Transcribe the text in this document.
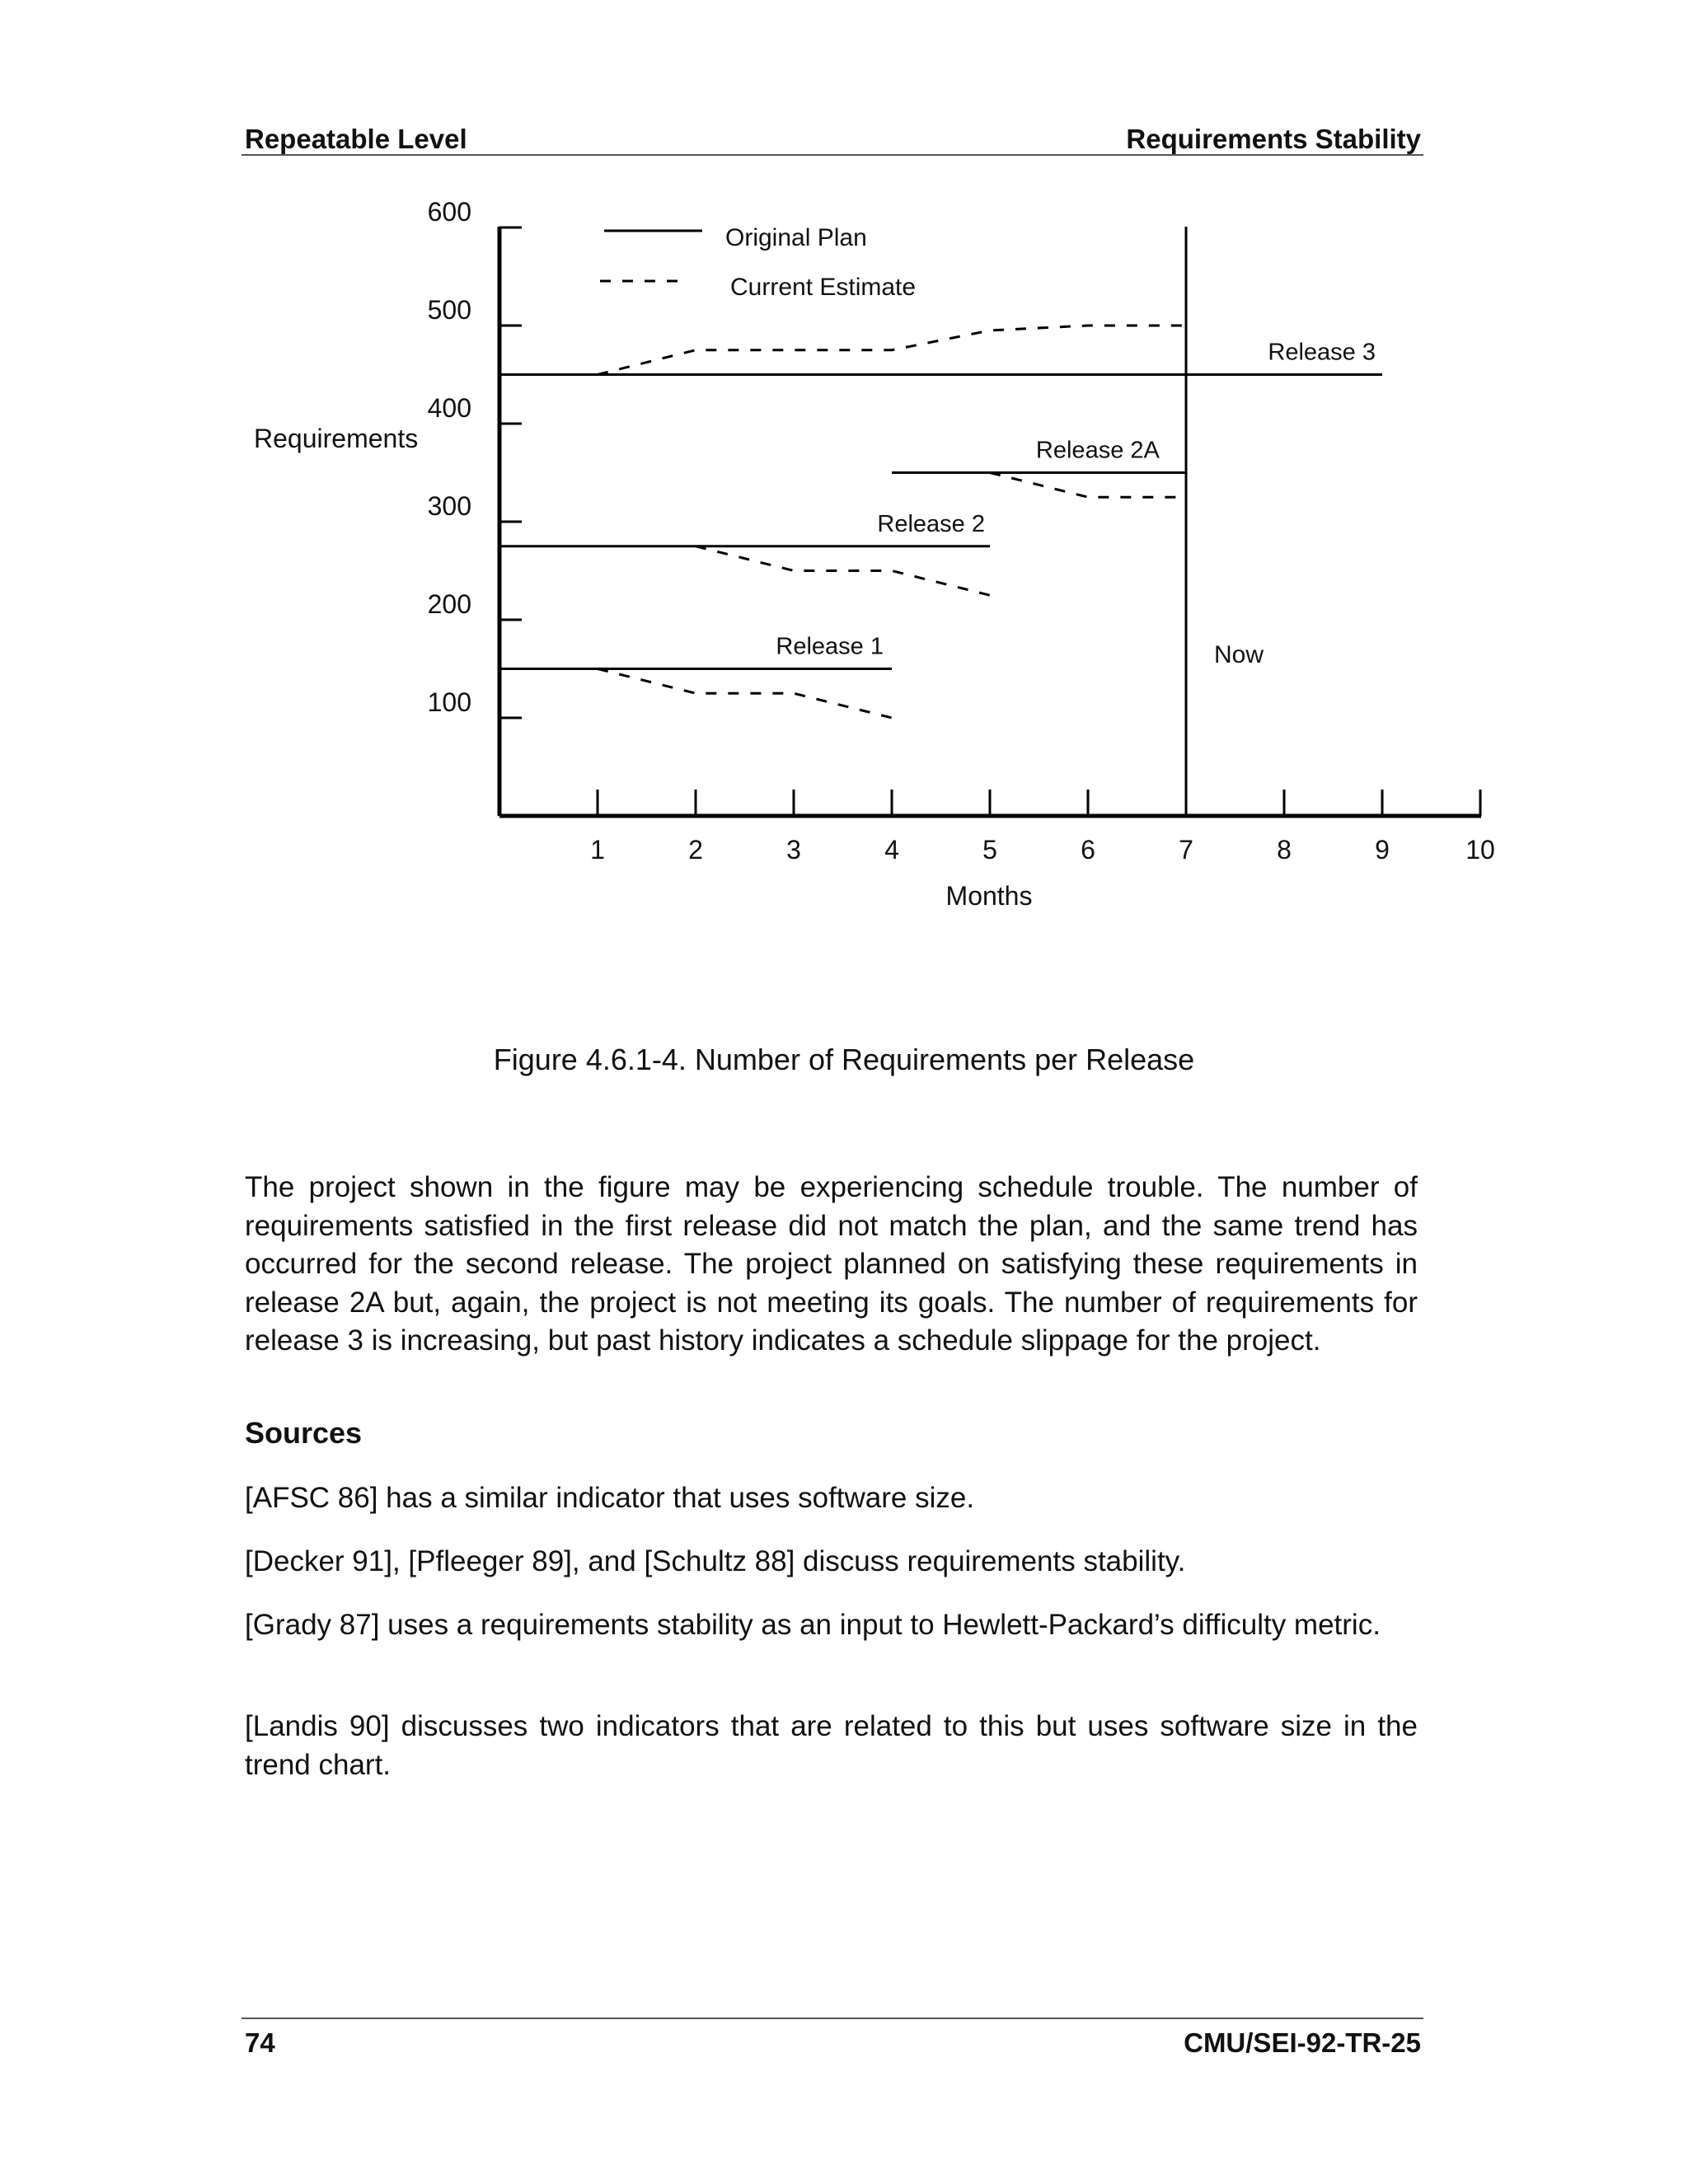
Repeatable Level	Requirements Stability
100
200
300
400
500
600
1	2	3	4	5	6	7	8	9	10
Requirements
Months
Original Plan
Current Estimate
Release 1
Release 2
Release 2A
Release 3
Now
Figure 4.6.1-4. Number of Requirements per Release

The project shown in the figure may be experiencing schedule trouble. The number of requirements satisfied in the first release did not match the plan, and the same trend has occurred for the second release. The project planned on satisfying these requirements in release 2A but, again, the project is not meeting its goals. The number of requirements for release 3 is increasing, but past history indicates a schedule slippage for the project.

Sources

[AFSC 86] has a similar indicator that uses software size.

[Decker 91], [Pfleeger 89], and [Schultz 88] discuss requirements stability.

[Grady 87] uses a requirements stability as an input to Hewlett-Packard’s difficulty metric.

[Landis 90] discusses two indicators that are related to this but uses software size in the trend chart.

74	CMU/SEI-92-TR-25
